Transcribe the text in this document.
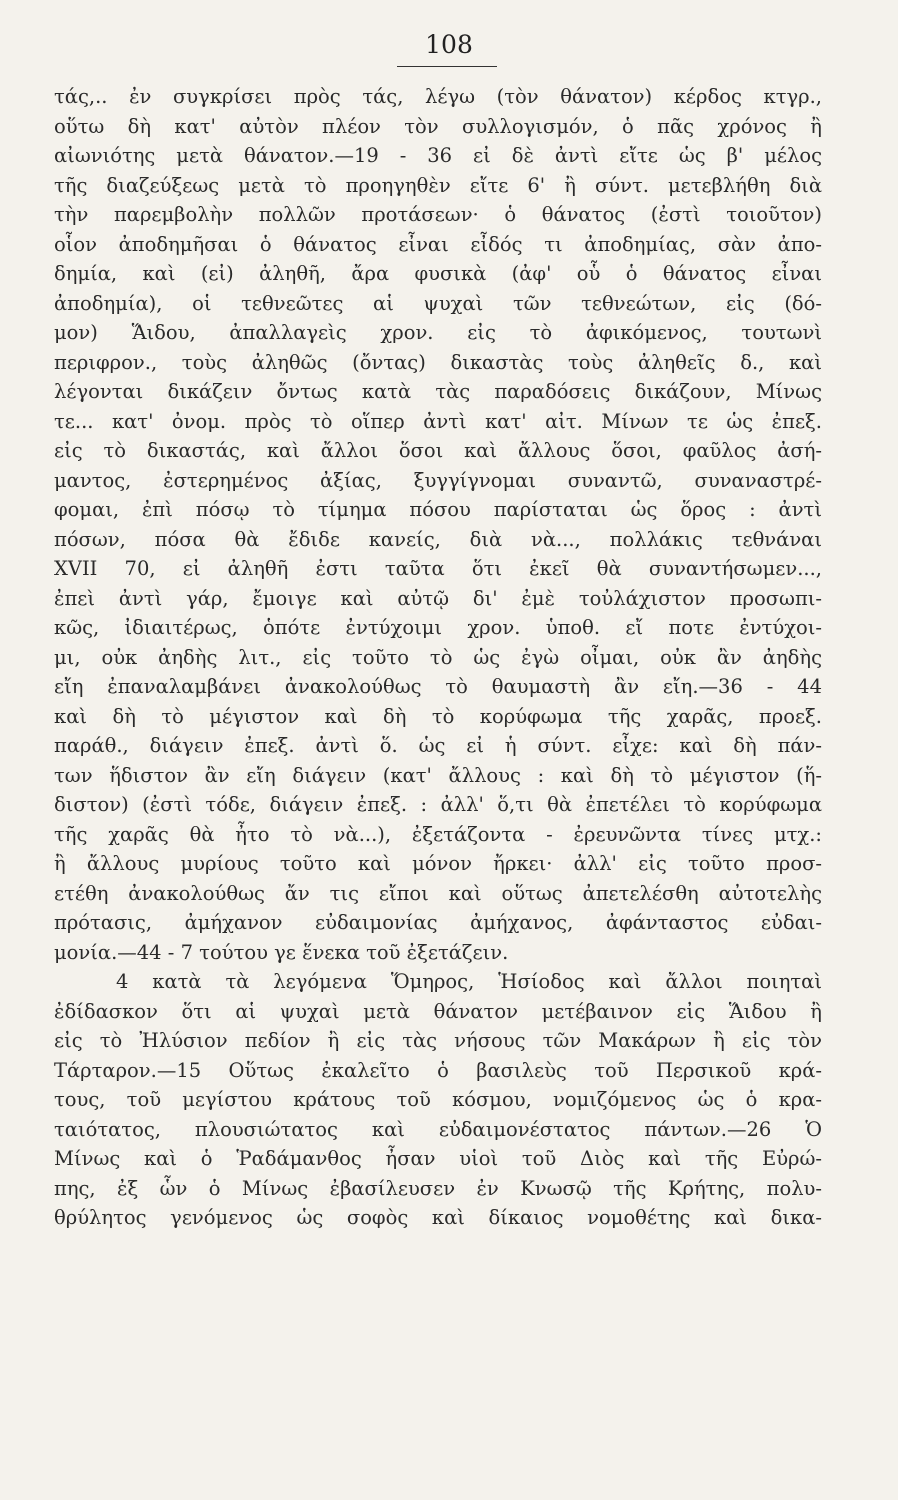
108
τάς,.. ἐν συγκρίσει πρὸς τάς, λέγω (τὸν θάνατον) κέρδος κτγρ.,
οὕτω δὴ κατ' αὐτὸν πλέον τὸν συλλογισμόν, ὁ πᾶς χρόνος ἢ
αἰωνιότης μετὰ θάνατον.—19 - 36 εἰ δὲ ἀντὶ εἴτε ὡς β' μέλος
τῆς διαζεύξεως μετὰ τὸ προηγηθὲν εἴτε 6' ἢ σύντ. μετεβλήθη διὰ
τὴν παρεμβολὴν πολλῶν προτάσεων· ὁ θάνατος (ἐστὶ τοιοῦτον)
οἷον ἀποδημῆσαι ὁ θάνατος εἶναι εἶδός τι ἀποδημίας, σὰν ἀπο-
δημία, καὶ (εἰ) ἀληθῆ, ἄρα φυσικὰ (ἀφ' οὗ ὁ θάνατος εἶναι
ἀποδημία), οἱ τεθνεῶτες αἱ ψυχαὶ τῶν τεθνεώτων, εἰς (δό-
μον) Ἅιδου, ἀπαλλαγεὶς χρον. εἰς τὸ ἀφικόμενος, τουτωνὶ
περιφρον., τοὺς ἀληθῶς (ὄντας) δικαστὰς τοὺς ἀληθεῖς δ., καὶ
λέγονται δικάζειν ὄντως κατὰ τὰς παραδόσεις δικάζουν, Μίνως
τε... κατ' ὀνομ. πρὸς τὸ οἵπερ ἀντὶ κατ' αἰτ. Μίνων τε ὡς ἐπεξ.
εἰς τὸ δικαστάς, καὶ ἄλλοι ὅσοι καὶ ἄλλους ὅσοι, φαῦλος ἀσή-
μαντος, ἐστερημένος ἀξίας, ξυγγίγνομαι συναντῶ, συναναστρέ-
φομαι, ἐπὶ πόσῳ τὸ τίμημα πόσου παρίσταται ὡς ὅρος : ἀντὶ
πόσων, πόσα θὰ ἔδιδε κανείς, διὰ νὰ..., πολλάκις τεθνάναι
XVII 70, εἰ ἀληθῆ ἐστι ταῦτα ὅτι ἐκεῖ θὰ συναντήσωμεν...,
ἐπεὶ ἀντὶ γάρ, ἔμοιγε καὶ αὐτῷ δι' ἐμὲ τοὐλάχιστον προσωπι-
κῶς, ἰδιαιτέρως, ὁπότε ἐντύχοιμι χρον. ὑποθ. εἴ ποτε ἐντύχοι-
μι, οὐκ ἀηδὴς λιτ., εἰς τοῦτο τὸ ὡς ἐγὼ οἶμαι, οὐκ ἂν ἀηδὴς
εἴη ἐπαναλαμβάνει ἀνακολούθως τὸ θαυμαστὴ ἂν εἴη.—36 - 44
καὶ δὴ τὸ μέγιστον καὶ δὴ τὸ κορύφωμα τῆς χαρᾶς, προεξ.
παράθ., διάγειν ἐπεξ. ἀντὶ ὅ. ὡς εἰ ἡ σύντ. εἶχε: καὶ δὴ πάν-
των ἥδιστον ἂν εἴη διάγειν (κατ' ἄλλους : καὶ δὴ τὸ μέγιστον (ἥ-
διστον) (ἐστὶ τόδε, διάγειν ἐπεξ. : ἀλλ' ὅ,τι θὰ ἐπετέλει τὸ κορύφωμα
τῆς χαρᾶς θὰ ἦτο τὸ νὰ...), ἐξετάζοντα - ἐρευνῶντα τίνες μτχ.:
ἢ ἄλλους μυρίους τοῦτο καὶ μόνον ἤρκει· ἀλλ' εἰς τοῦτο προσ-
ετέθη ἀνακολούθως ἄν τις εἴποι καὶ οὕτως ἀπετελέσθη αὐτοτελὴς
πρότασις, ἀμήχανον εὐδαιμονίας ἀμήχανος, ἀφάνταστος εὐδαι-
μονία.—44 - 7 τούτου γε ἕνεκα τοῦ ἐξετάζειν.
4 κατὰ τὰ λεγόμενα Ὅμηρος, Ἡσίοδος καὶ ἄλλοι ποιηταὶ
ἐδίδασκον ὅτι αἱ ψυχαὶ μετὰ θάνατον μετέβαινον εἰς Ἅιδου ἢ
εἰς τὸ Ἠλύσιον πεδίον ἢ εἰς τὰς νήσους τῶν Μακάρων ἢ εἰς τὸν
Τάρταρον.—15 Οὕτως ἐκαλεῖτο ὁ βασιλεὺς τοῦ Περσικοῦ κρά-
τους, τοῦ μεγίστου κράτους τοῦ κόσμου, νομιζόμενος ὡς ὁ κρα-
ταιότατος, πλουσιώτατος καὶ εὐδαιμονέστατος πάντων.—26 Ὁ
Μίνως καὶ ὁ Ῥαδάμανθος ἦσαν υἱοὶ τοῦ Διὸς καὶ τῆς Εὐρώ-
πης, ἐξ ὧν ὁ Μίνως ἐβασίλευσεν ἐν Κνωσῷ τῆς Κρήτης, πολυ-
θρύλητος γενόμενος ὡς σοφὸς καὶ δίκαιος νομοθέτης καὶ δικα-
